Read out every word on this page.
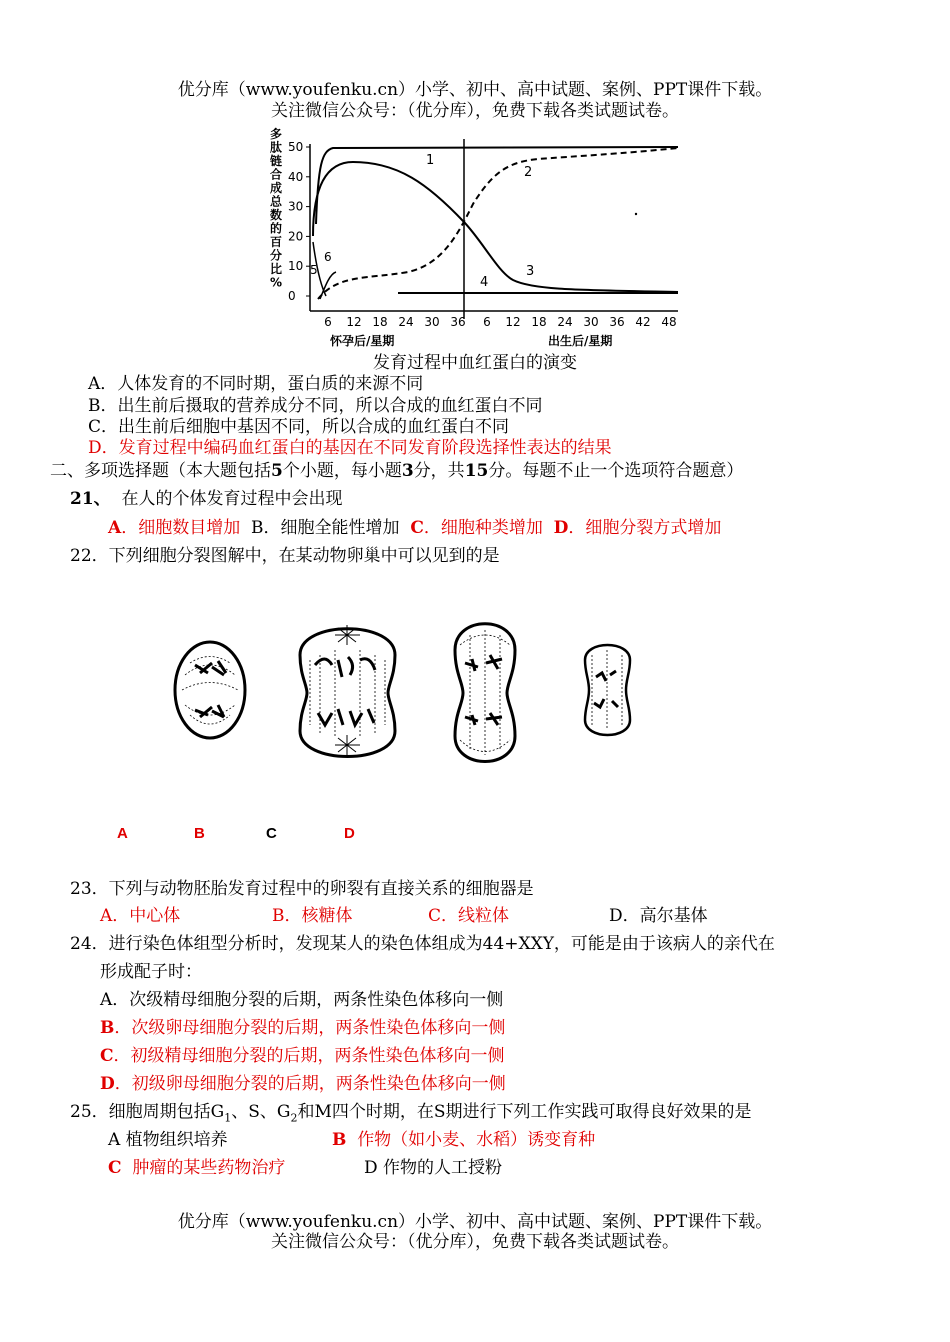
优分库（www.youfenku.cn）小学、初中、高中试题、案例、PPT课件下载。
关注微信公众号：（优分库），免费下载各类试题试卷。
多肽链合成总数的百分比%
0
10
20
30
40
50
6 12 18 24 30 36 6 12 18 24 30 36 42 48
1
2
3
4
5
6
怀孕后/星期	出生后/星期
发育过程中血红蛋白的演变
A．人体发育的不同时期，蛋白质的来源不同
B．出生前后摄取的营养成分不同，所以合成的血红蛋白不同
C．出生前后细胞中基因不同，所以合成的血红蛋白不同
D．发育过程中编码血红蛋白的基因在不同发育阶段选择性表达的结果
二、多项选择题（本大题包括5个小题，每小题3分，共15分。每题不止一个选项符合题意）
21、 在人的个体发育过程中会出现
A．细胞数目增加 B．细胞全能性增加 C．细胞种类增加 D．细胞分裂方式增加
22．下列细胞分裂图解中，在某动物卵巢中可以见到的是
A	B	C	D
23．下列与动物胚胎发育过程中的卵裂有直接关系的细胞器是
A．中心体	B．核糖体	C．线粒体	D．高尔基体
24．进行染色体组型分析时，发现某人的染色体组成为44+XXY，可能是由于该病人的亲代在
形成配子时：
A．次级精母细胞分裂的后期，两条性染色体移向一侧
B．次级卵母细胞分裂的后期，两条性染色体移向一侧
C．初级精母细胞分裂的后期，两条性染色体移向一侧
D．初级卵母细胞分裂的后期，两条性染色体移向一侧
25．细胞周期包括$G_1$、S、$G_2$和M四个时期，在S期进行下列工作实践可取得良好效果的是
A 植物组织培养	B 作物（如小麦、水稻）诱变育种
C 肿瘤的某些药物治疗	D 作物的人工授粉
优分库（www.youfenku.cn）小学、初中、高中试题、案例、PPT课件下载。
关注微信公众号：（优分库），免费下载各类试题试卷。
